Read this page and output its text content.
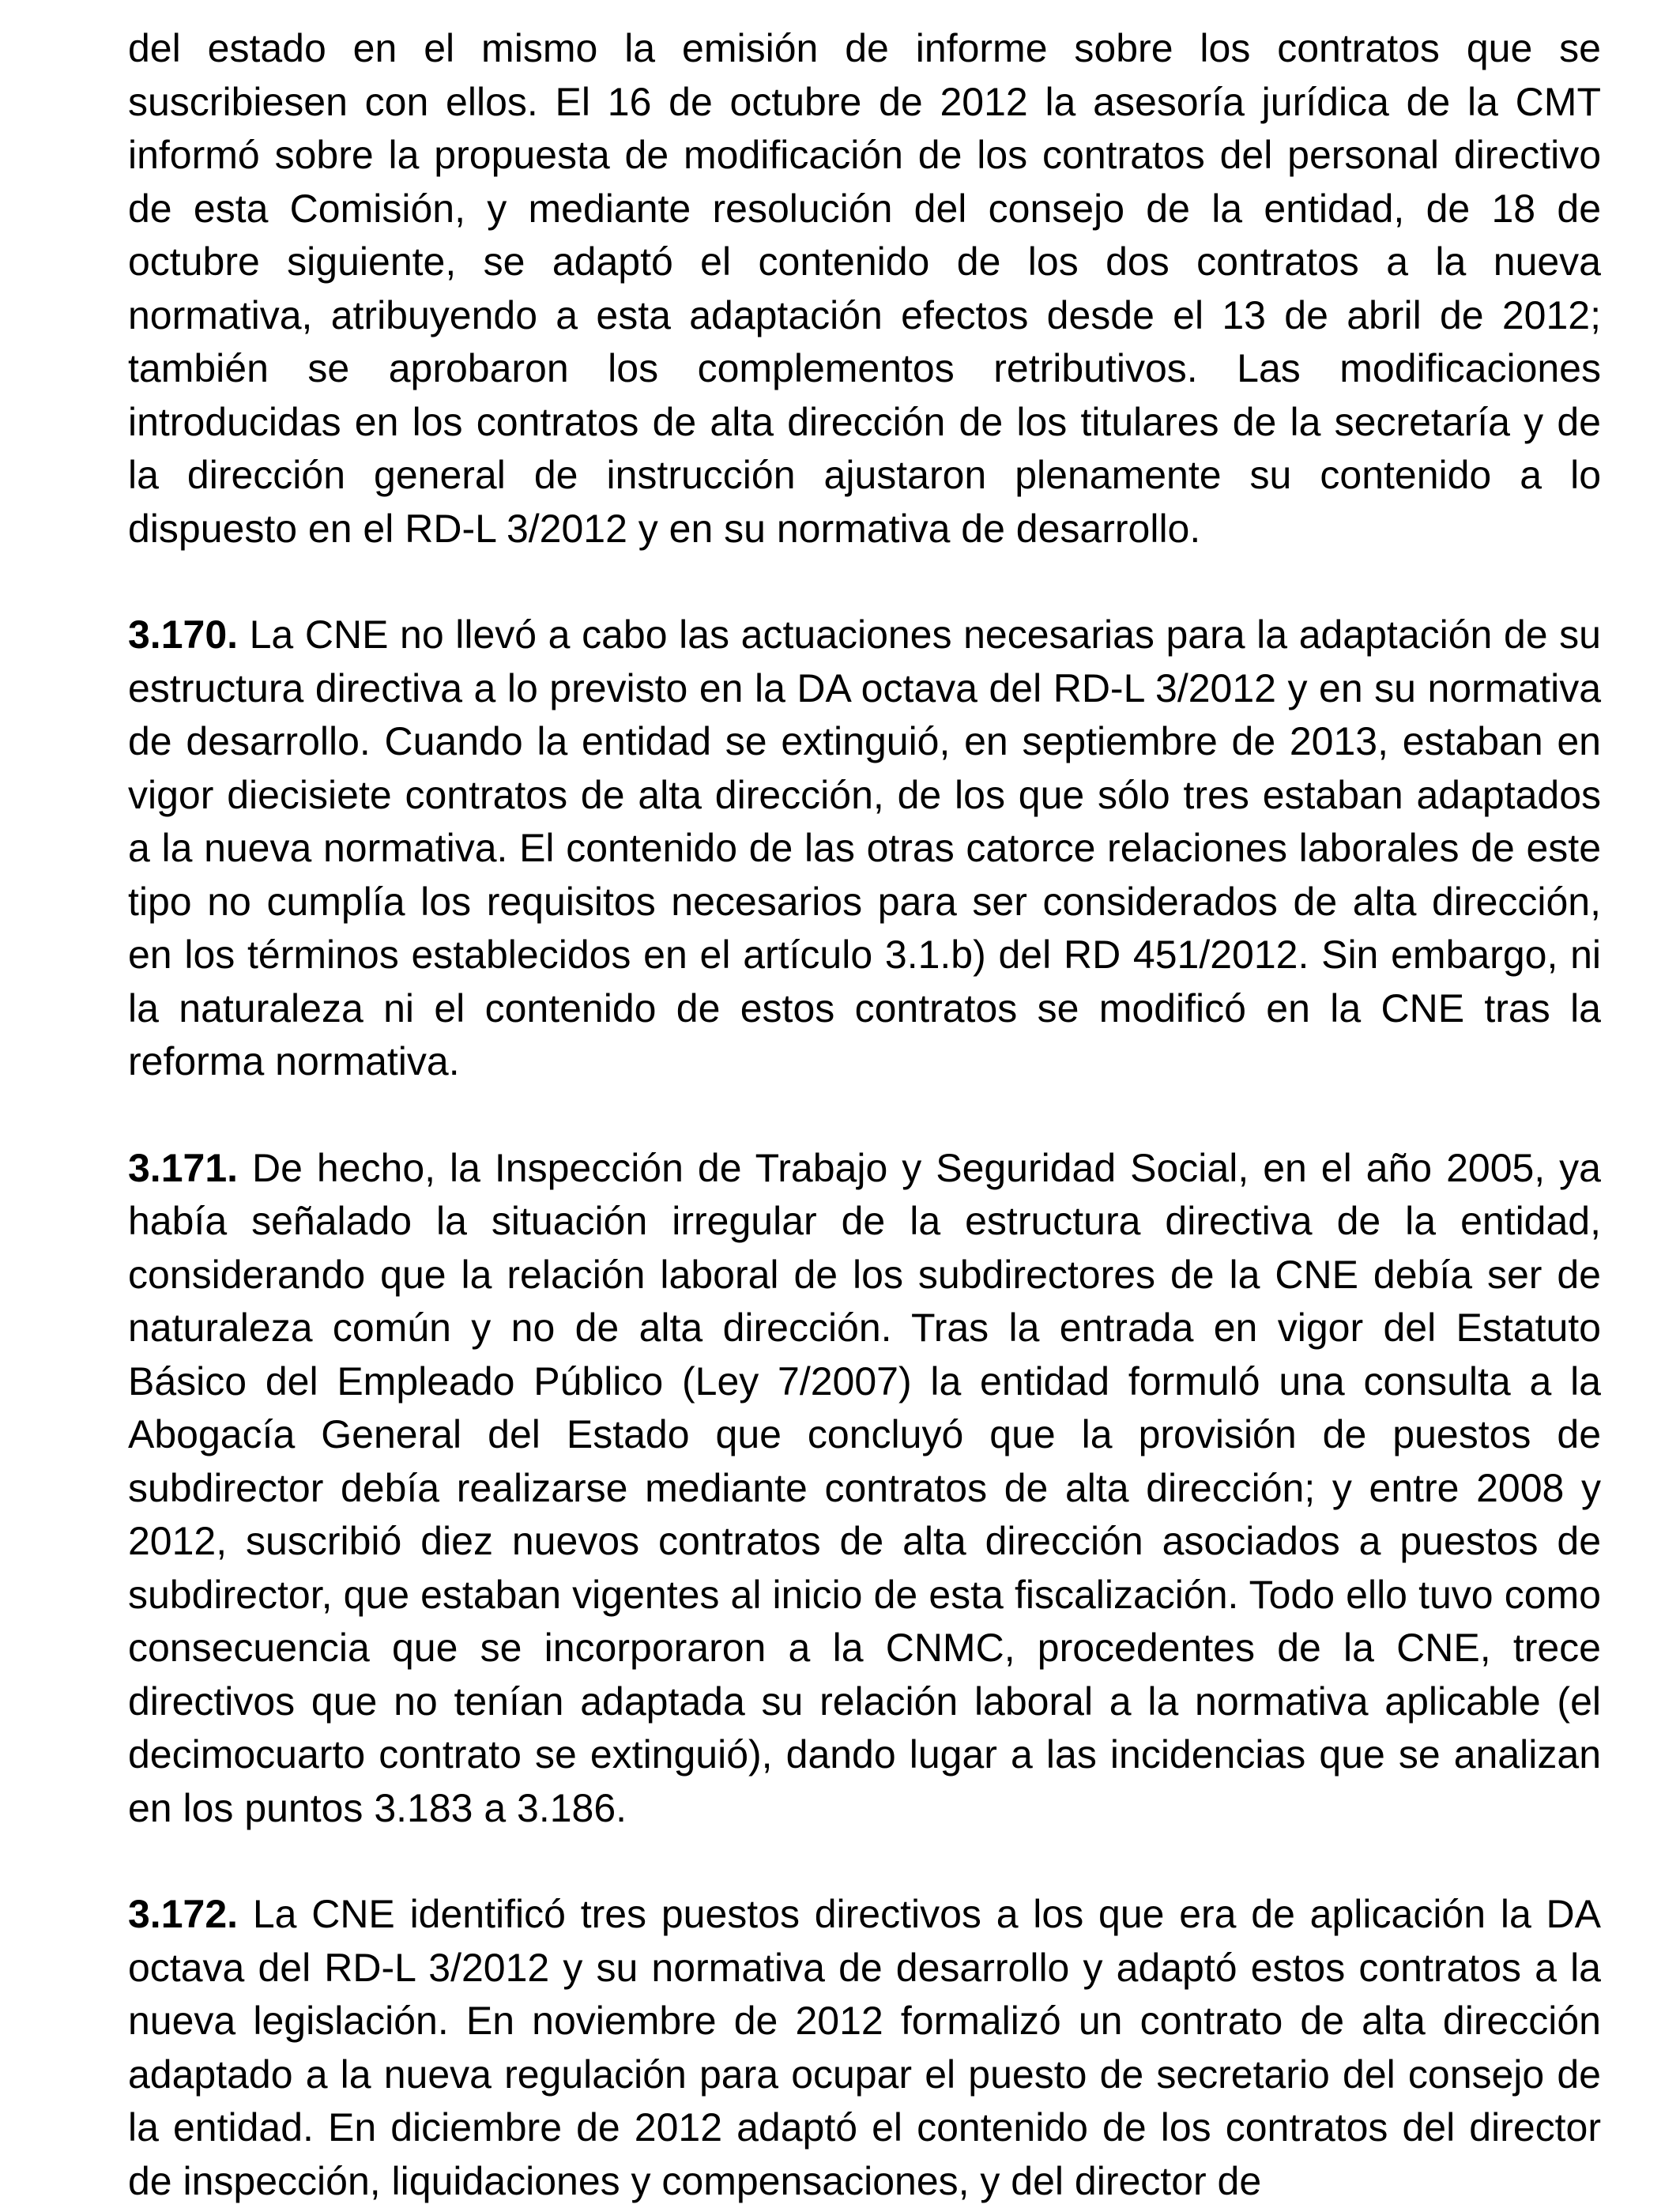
del estado en el mismo la emisión de informe sobre los contratos que se suscribiesen con ellos. El 16 de octubre de 2012 la asesoría jurídica de la CMT informó sobre la propuesta de modificación de los contratos del personal directivo de esta Comisión, y mediante resolución del consejo de la entidad, de 18 de octubre siguiente, se adaptó el contenido de los dos contratos a la nueva normativa, atribuyendo a esta adaptación efectos desde el 13 de abril de 2012; también se aprobaron los complementos retributivos. Las modificaciones introducidas en los contratos de alta dirección de los titulares de la secretaría y de la dirección general de instrucción ajustaron plenamente su contenido a lo dispuesto en el RD-L 3/2012 y en su normativa de desarrollo.

3.170. La CNE no llevó a cabo las actuaciones necesarias para la adaptación de su estructura directiva a lo previsto en la DA octava del RD-L 3/2012 y en su normativa de desarrollo. Cuando la entidad se extinguió, en septiembre de 2013, estaban en vigor diecisiete contratos de alta dirección, de los que sólo tres estaban adaptados a la nueva normativa. El contenido de las otras catorce relaciones laborales de este tipo no cumplía los requisitos necesarios para ser considerados de alta dirección, en los términos establecidos en el artículo 3.1.b) del RD 451/2012. Sin embargo, ni la naturaleza ni el contenido de estos contratos se modificó en la CNE tras la reforma normativa.

3.171. De hecho, la Inspección de Trabajo y Seguridad Social, en el año 2005, ya había señalado la situación irregular de la estructura directiva de la entidad, considerando que la relación laboral de los subdirectores de la CNE debía ser de naturaleza común y no de alta dirección. Tras la entrada en vigor del Estatuto Básico del Empleado Público (Ley 7/2007) la entidad formuló una consulta a la Abogacía General del Estado que concluyó que la provisión de puestos de subdirector debía realizarse mediante contratos de alta dirección; y entre 2008 y 2012, suscribió diez nuevos contratos de alta dirección asociados a puestos de subdirector, que estaban vigentes al inicio de esta fiscalización. Todo ello tuvo como consecuencia que se incorporaron a la CNMC, procedentes de la CNE, trece directivos que no tenían adaptada su relación laboral a la normativa aplicable (el decimocuarto contrato se extinguió), dando lugar a las incidencias que se analizan en los puntos 3.183 a 3.186.

3.172. La CNE identificó tres puestos directivos a los que era de aplicación la DA octava del RD-L 3/2012 y su normativa de desarrollo y adaptó estos contratos a la nueva legislación. En noviembre de 2012 formalizó un contrato de alta dirección adaptado a la nueva regulación para ocupar el puesto de secretario del consejo de la entidad. En diciembre de 2012 adaptó el contenido de los contratos del director de inspección, liquidaciones y compensaciones, y del director de
